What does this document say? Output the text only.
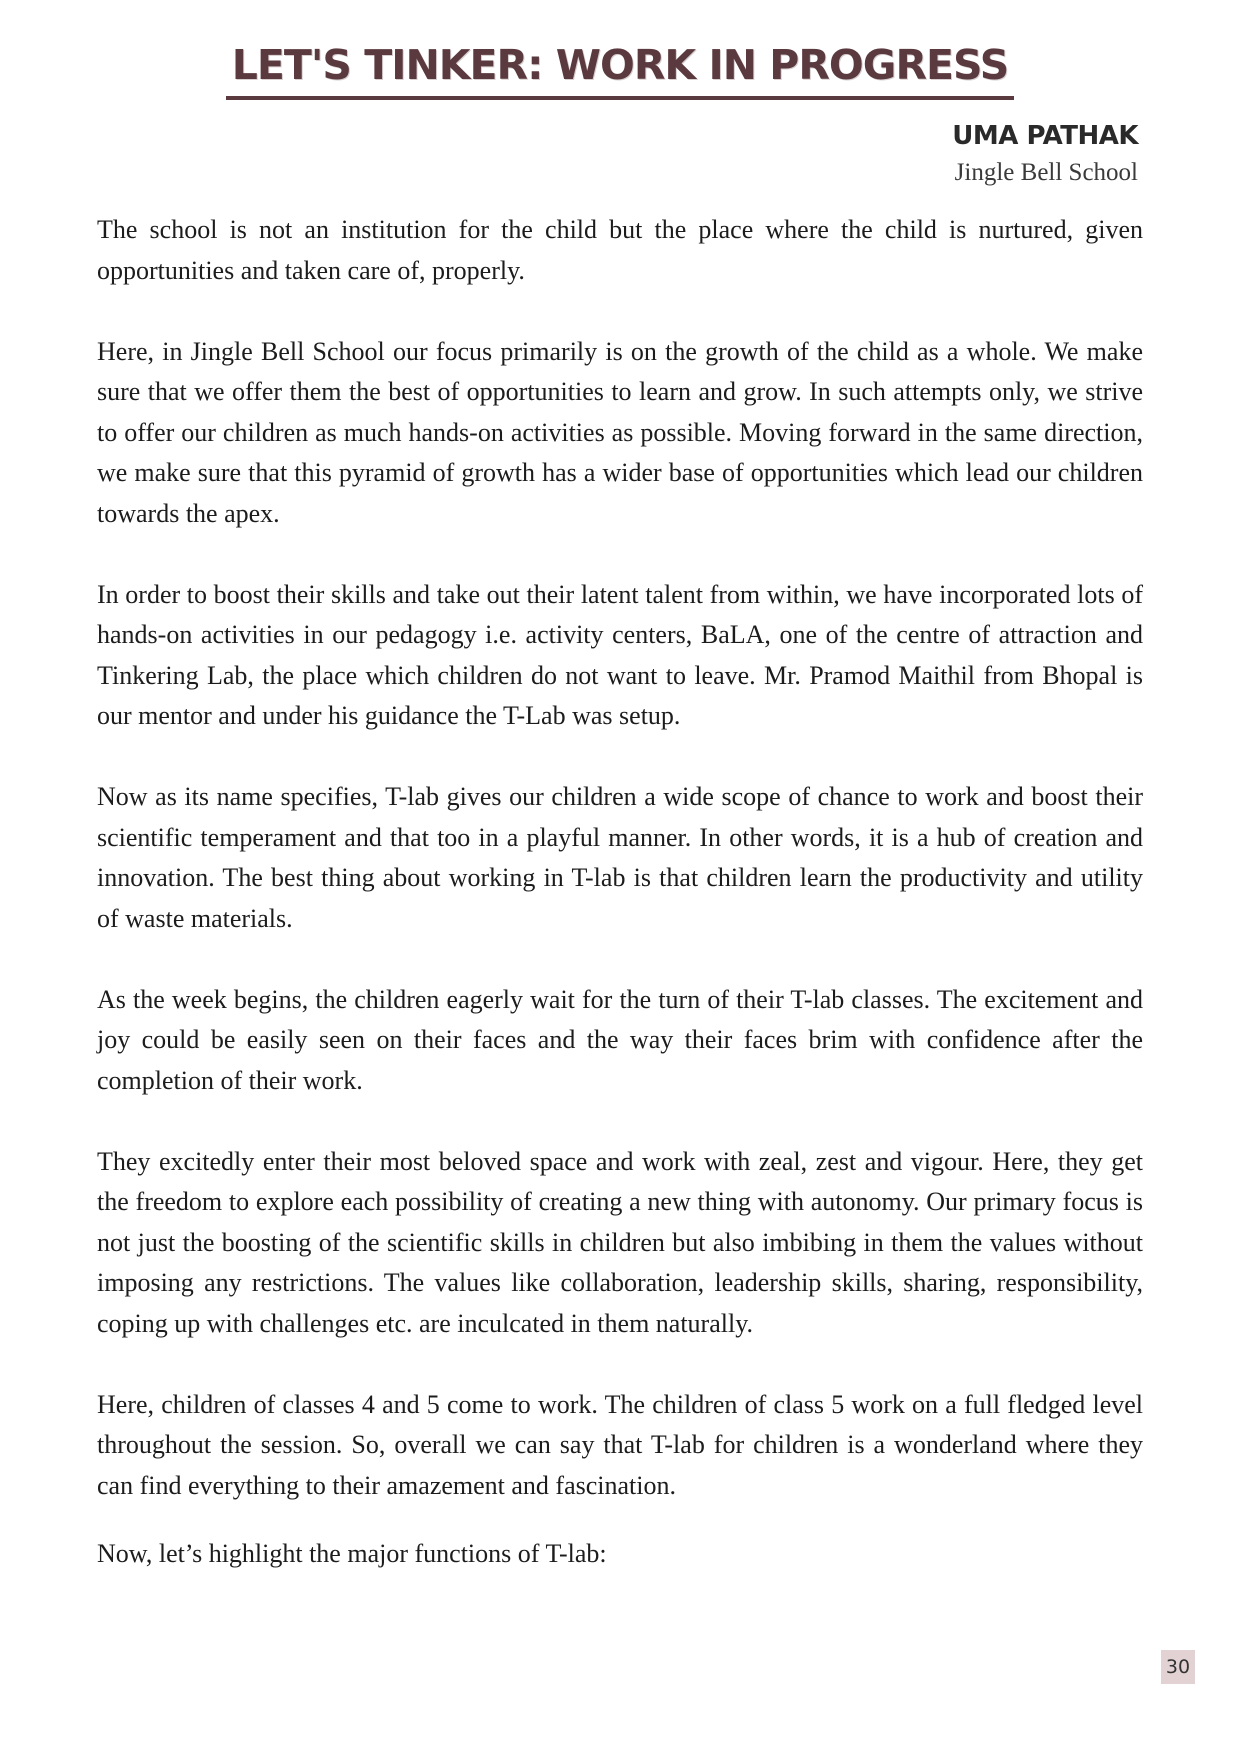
LET'S TINKER: WORK IN PROGRESS
UMA PATHAK
Jingle Bell School

The school is not an institution for the child but the place where the child is nurtured, given opportunities and taken care of, properly.

Here, in Jingle Bell School our focus primarily is on the growth of the child as a whole. We make sure that we offer them the best of opportunities to learn and grow. In such attempts only, we strive to offer our children as much hands-on activities as possible. Moving forward in the same direction, we make sure that this pyramid of growth has a wider base of opportunities which lead our children towards the apex.

In order to boost their skills and take out their latent talent from within, we have incorporated lots of hands-on activities in our pedagogy i.e. activity centers, BaLA, one of the centre of attraction and Tinkering Lab, the place which children do not want to leave. Mr. Pramod Maithil from Bhopal is our mentor and under his guidance the T-Lab was setup.

Now as its name specifies, T-lab gives our children a wide scope of chance to work and boost their scientific temperament and that too in a playful manner. In other words, it is a hub of creation and innovation. The best thing about working in T-lab is that children learn the productivity and utility of waste materials.

As the week begins, the children eagerly wait for the turn of their T-lab classes. The excitement and joy could be easily seen on their faces and the way their faces brim with confidence after the completion of their work.

They excitedly enter their most beloved space and work with zeal, zest and vigour. Here, they get the freedom to explore each possibility of creating a new thing with autonomy. Our primary focus is not just the boosting of the scientific skills in children but also imbibing in them the values without imposing any restrictions. The values like collaboration, leadership skills, sharing, responsibility, coping up with challenges etc. are inculcated in them naturally.

Here, children of classes 4 and 5 come to work. The children of class 5 work on a full fledged level throughout the session. So, overall we can say that T-lab for children is a wonderland where they can find everything to their amazement and fascination.

Now, let’s highlight the major functions of T-lab:

30
